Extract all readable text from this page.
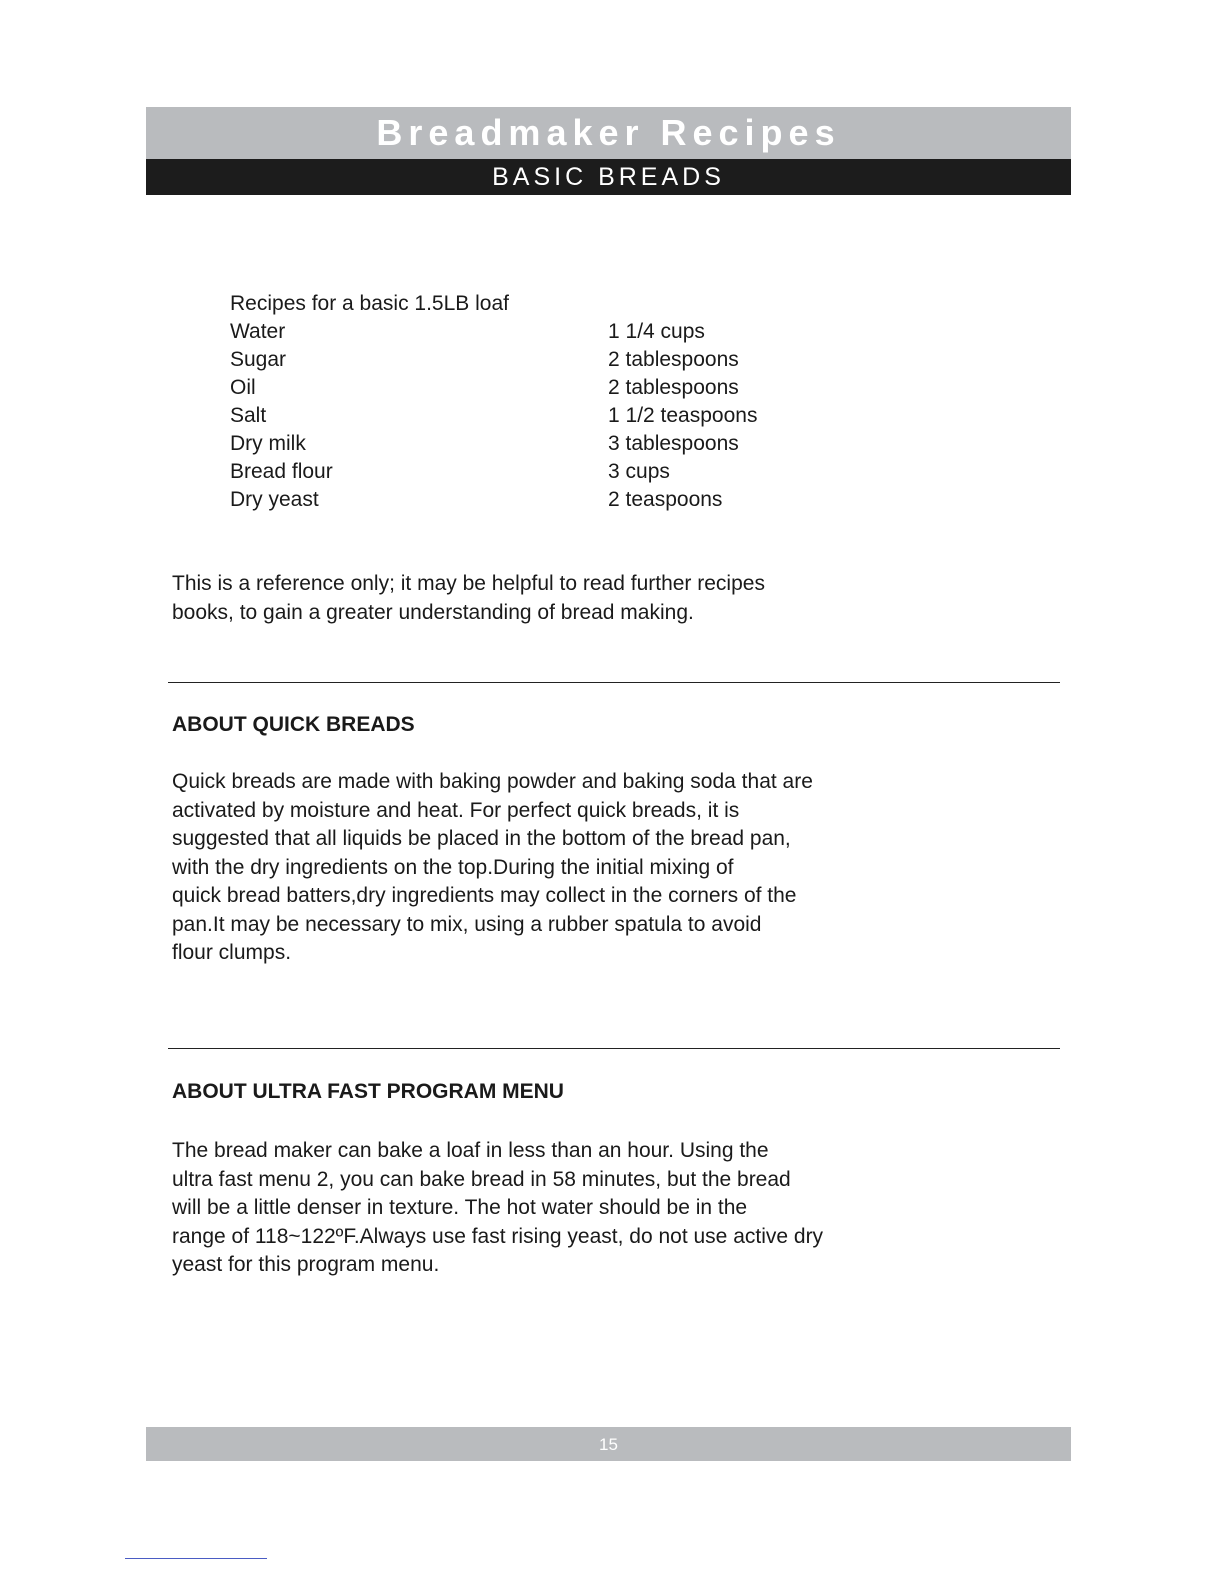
Breadmaker Recipes
BASIC BREADS
Recipes for a basic 1.5LB loaf
Water	1 1/4 cups
Sugar	2 tablespoons
Oil	2 tablespoons
Salt	1 1/2 teaspoons
Dry milk	3 tablespoons
Bread flour	3 cups
Dry yeast	2 teaspoons
This is a reference only; it may be helpful to read further recipes
books, to gain a greater understanding of bread making.
ABOUT QUICK BREADS
Quick breads are made with baking powder and baking soda that are
activated by moisture and heat. For perfect quick breads, it is
suggested that all liquids be placed in the bottom of the bread pan,
with the dry ingredients on the top.During the initial mixing of
quick bread batters,dry ingredients may collect in the corners of the
pan.It may be necessary to mix, using a rubber spatula to avoid
flour clumps.
ABOUT ULTRA FAST PROGRAM MENU
The bread maker can bake a loaf in less than an hour. Using the
ultra fast menu 2, you can bake bread in 58 minutes, but the bread
will be a little denser in texture. The hot water should be in the
range of 118~122ºF.Always use fast rising yeast, do not use active dry
yeast for this program menu.
15
